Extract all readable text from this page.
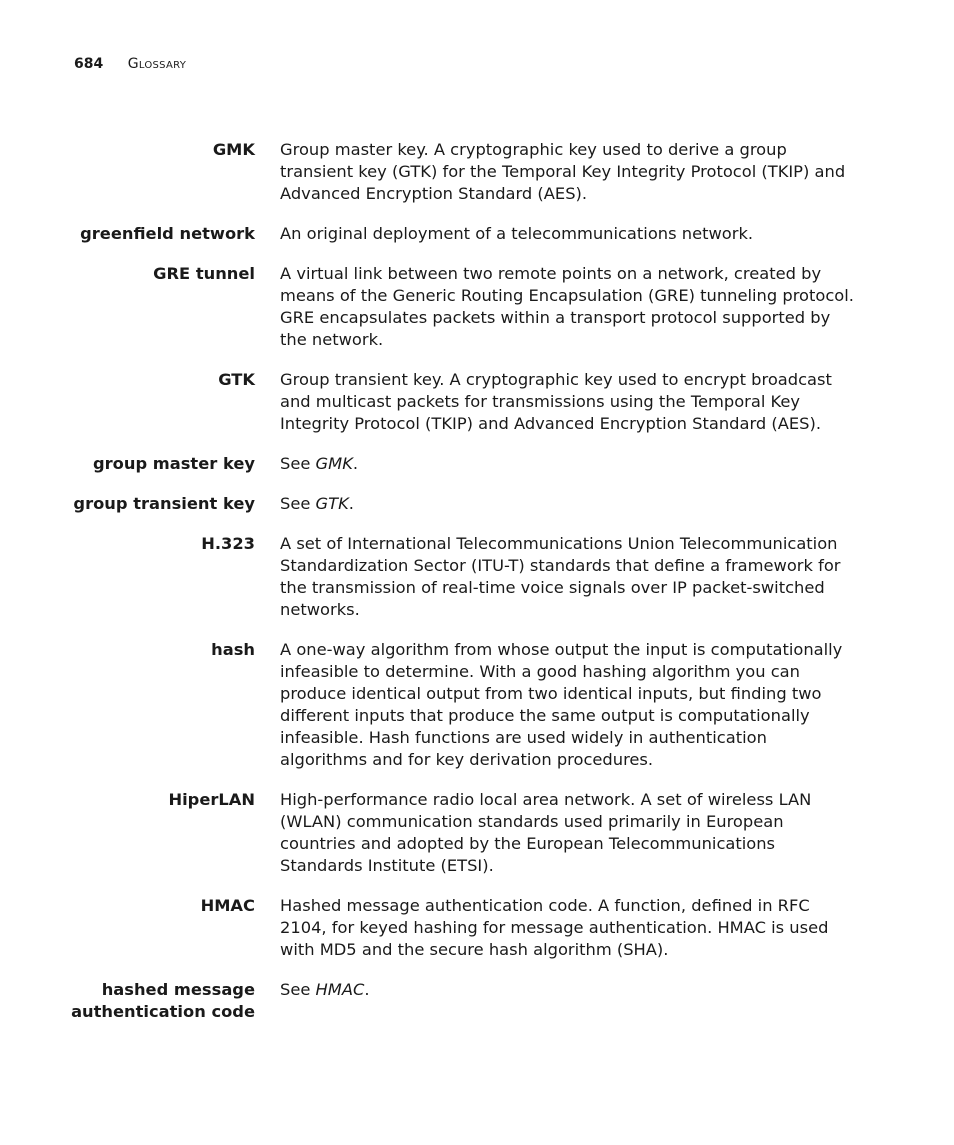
684 Glossary
GMK Group master key. A cryptographic key used to derive a group transient key (GTK) for the Temporal Key Integrity Protocol (TKIP) and Advanced Encryption Standard (AES).
greenfield network An original deployment of a telecommunications network.
GRE tunnel A virtual link between two remote points on a network, created by means of the Generic Routing Encapsulation (GRE) tunneling protocol. GRE encapsulates packets within a transport protocol supported by the network.
GTK Group transient key. A cryptographic key used to encrypt broadcast and multicast packets for transmissions using the Temporal Key Integrity Protocol (TKIP) and Advanced Encryption Standard (AES).
group master key See GMK.
group transient key See GTK.
H.323 A set of International Telecommunications Union Telecommunication Standardization Sector (ITU-T) standards that define a framework for the transmission of real-time voice signals over IP packet-switched networks.
hash A one-way algorithm from whose output the input is computationally infeasible to determine. With a good hashing algorithm you can produce identical output from two identical inputs, but finding two different inputs that produce the same output is computationally infeasible. Hash functions are used widely in authentication algorithms and for key derivation procedures.
HiperLAN High-performance radio local area network. A set of wireless LAN (WLAN) communication standards used primarily in European countries and adopted by the European Telecommunications Standards Institute (ETSI).
HMAC Hashed message authentication code. A function, defined in RFC 2104, for keyed hashing for message authentication. HMAC is used with MD5 and the secure hash algorithm (SHA).
hashed message
authentication code
See HMAC.
